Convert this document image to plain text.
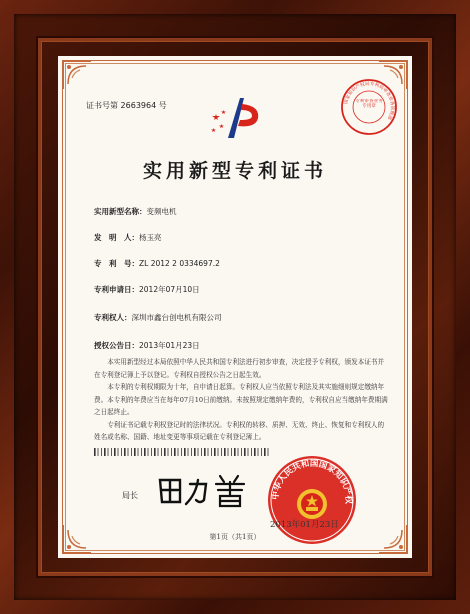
证书号第 2663964 号	国家知识产权局专利局审查业务管理部
专利审查业务专用章
实用新型专利证书
实用新型名称：变频电机
发　明　人：杨玉亮
专　利　号：ZL 2012 2 0334697.2
专利申请日：2012年07月10日
专利权人：深圳市鑫台创电机有限公司
授权公告日：2013年01月23日

本实用新型经过本局依照中华人民共和国专利法进行初步审查，决定授予专利权，颁发本证书并在专利登记簿上予以登记。专利权自授权公告之日起生效。

本专利的专利权期限为十年，自申请日起算。专利权人应当依照专利法及其实施细则规定缴纳年费。本专利的年费应当在每年07月10日前缴纳。未按照规定缴纳年费的，专利权自应当缴纳年费期满之日起终止。

专利证书记载专利权登记时的法律状况。专利权的转移、质押、无效、终止、恢复和专利权人的姓名或名称、国籍、地址变更等事项记载在专利登记簿上。

局长	中华人民共和国国家知识产权
2013年01月23日
第1页（共1页）
